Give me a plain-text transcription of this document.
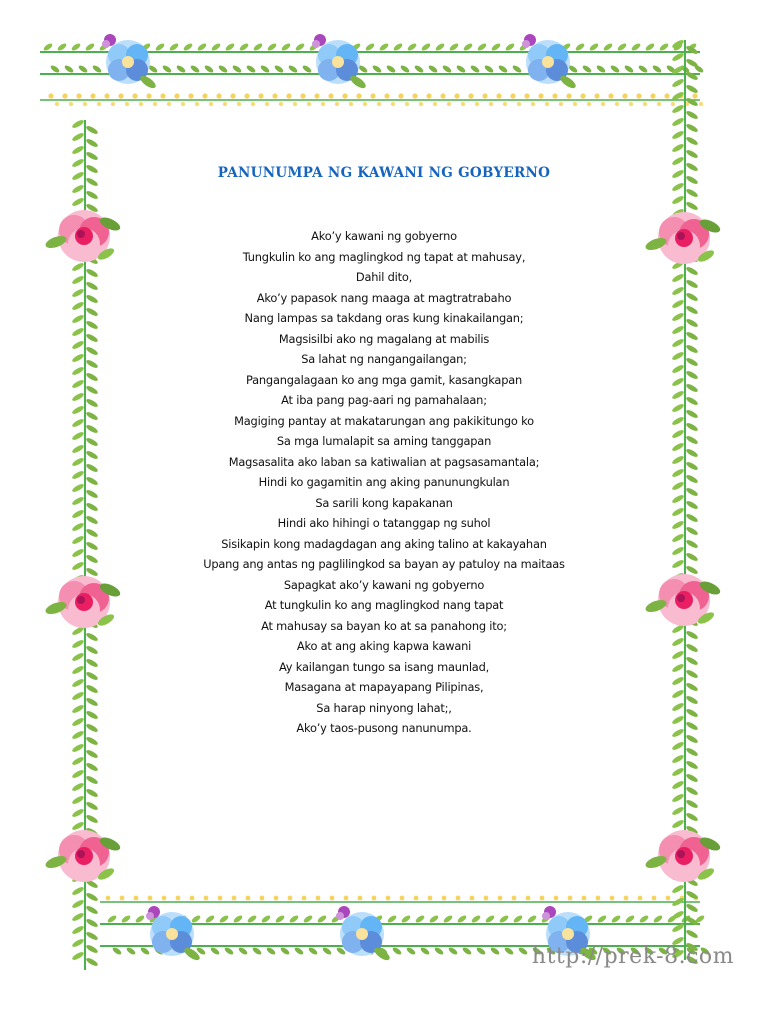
PANUNUMPA NG KAWANI NG GOBYERNO
Ako’y kawani ng gobyerno
Tungkulin ko ang maglingkod ng tapat at mahusay,
Dahil dito,
Ako’y papasok nang maaga at magtratrabaho
Nang lampas sa takdang oras kung kinakailangan;
Magsisilbi ako ng magalang at mabilis
Sa lahat ng nangangailangan;
Pangangalagaan ko ang mga gamit, kasangkapan
At iba pang pag-aari ng pamahalaan;
Magiging pantay at makatarungan ang pakikitungo ko
Sa mga lumalapit sa aming tanggapan
Magsasalita ako laban sa katiwalian at pagsasamantala;
Hindi ko gagamitin ang aking panunungkulan
Sa sarili kong kapakanan
Hindi ako hihingi o tatanggap ng suhol
Sisikapin kong madagdagan ang aking talino at kakayahan
Upang ang antas ng paglilingkod sa bayan ay patuloy na maitaas
Sapagkat ako’y kawani ng gobyerno
At tungkulin ko ang maglingkod nang tapat
At mahusay sa bayan ko at sa panahong ito;
Ako at ang aking kapwa kawani
Ay kailangan tungo sa isang maunlad,
Masagana at mapayapang Pilipinas,
Sa harap ninyong lahat;,
Ako’y taos-pusong nanunumpa.
http://prek-8.com
